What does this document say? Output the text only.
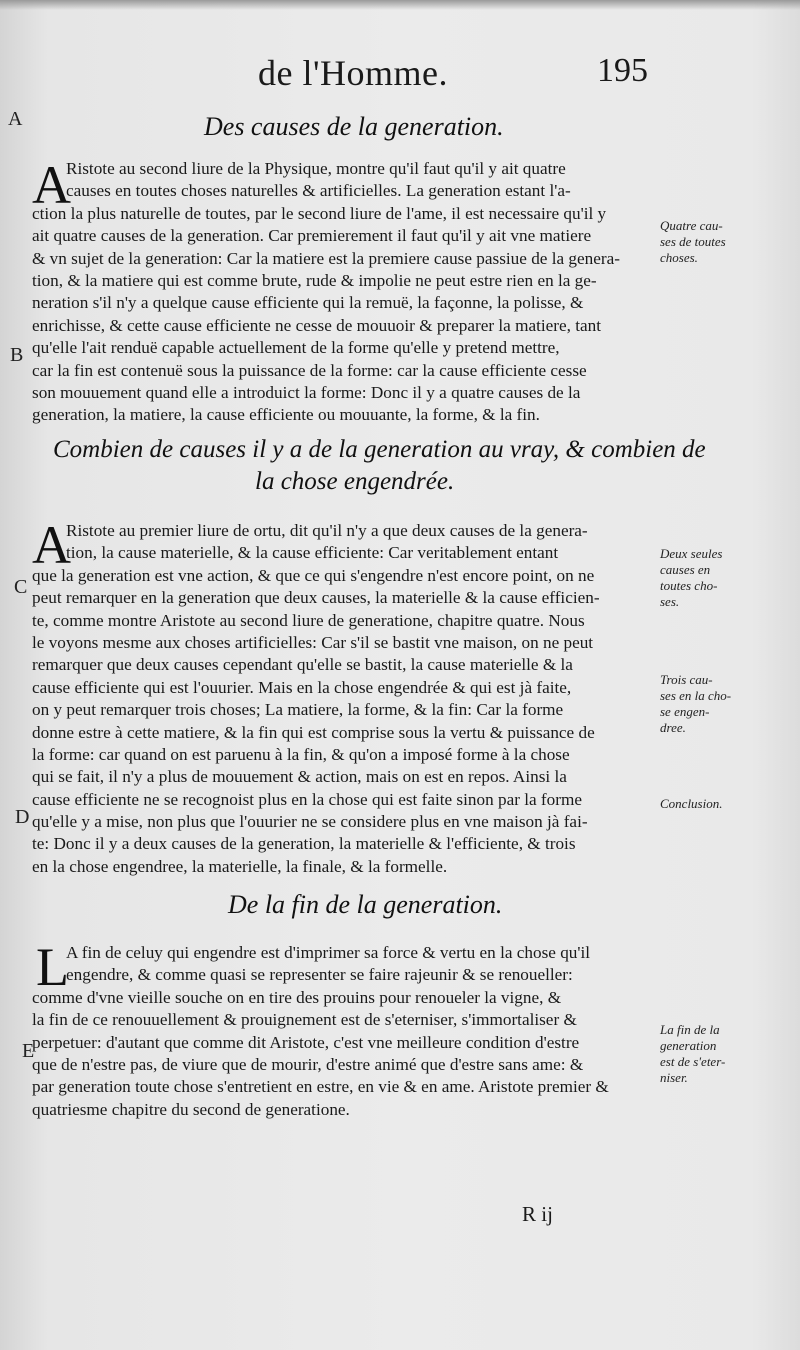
de l'Homme.	195
A
B
C
D
E
Des causes de la generation.
A
Ristote au second liure de la Physique, montre qu'il faut qu'il y ait quatre
causes en toutes choses naturelles & artificielles. La generation estant l'a-
ction la plus naturelle de toutes, par le second liure de l'ame, il est necessaire qu'il y
ait quatre causes de la generation. Car premierement il faut qu'il y ait vne matiere
& vn sujet de la generation: Car la matiere est la premiere cause passiue de la genera-
tion, & la matiere qui est comme brute, rude & impolie ne peut estre rien en la ge-
neration s'il n'y a quelque cause efficiente qui la remuë, la façonne, la polisse, &
enrichisse, & cette cause efficiente ne cesse de mouuoir & preparer la matiere, tant
qu'elle l'ait renduë capable actuellement de la forme qu'elle y pretend mettre,
car la fin est contenuë sous la puissance de la forme: car la cause efficiente cesse
son mouuement quand elle a introduict la forme: Donc il y a quatre causes de la
generation, la matiere, la cause efficiente ou mouuante, la forme, & la fin.
Combien de causes il y a de la generation au vray, & combien de
la chose engendrée.
A
Ristote au premier liure de ortu, dit qu'il n'y a que deux causes de la genera-
tion, la cause materielle, & la cause efficiente: Car veritablement entant
que la generation est vne action, & que ce qui s'engendre n'est encore point, on ne
peut remarquer en la generation que deux causes, la materielle & la cause efficien-
te, comme montre Aristote au second liure de generatione, chapitre quatre. Nous
le voyons mesme aux choses artificielles: Car s'il se bastit vne maison, on ne peut
remarquer que deux causes cependant qu'elle se bastit, la cause materielle & la
cause efficiente qui est l'ouurier. Mais en la chose engendrée & qui est jà faite,
on y peut remarquer trois choses; La matiere, la forme, & la fin: Car la forme
donne estre à cette matiere, & la fin qui est comprise sous la vertu & puissance de
la forme: car quand on est paruenu à la fin, & qu'on a imposé forme à la chose
qui se fait, il n'y a plus de mouuement & action, mais on est en repos. Ainsi la
cause efficiente ne se recognoist plus en la chose qui est faite sinon par la forme
qu'elle y a mise, non plus que l'ouurier ne se considere plus en vne maison jà fai-
te: Donc il y a deux causes de la generation, la materielle & l'efficiente, & trois
en la chose engendree, la materielle, la finale, & la formelle.
De la fin de la generation.
L
A fin de celuy qui engendre est d'imprimer sa force & vertu en la chose qu'il
engendre, & comme quasi se representer se faire rajeunir & se renoueller:
comme d'vne vieille souche on en tire des prouins pour renoueler la vigne, &
la fin de ce renouuellement & prouignement est de s'eterniser, s'immortaliser &
perpetuer: d'autant que comme dit Aristote, c'est vne meilleure condition d'estre
que de n'estre pas, de viure que de mourir, d'estre animé que d'estre sans ame: &
par generation toute chose s'entretient en estre, en vie & en ame. Aristote premier &
quatriesme chapitre du second de generatione.
Quatre cau-
ses de toutes
choses.
Deux seules
causes en
toutes cho-
ses.
Trois cau-
ses en la cho-
se engen-
dree.
Conclusion.
La fin de la
generation
est de s'eter-
niser.
R ij
